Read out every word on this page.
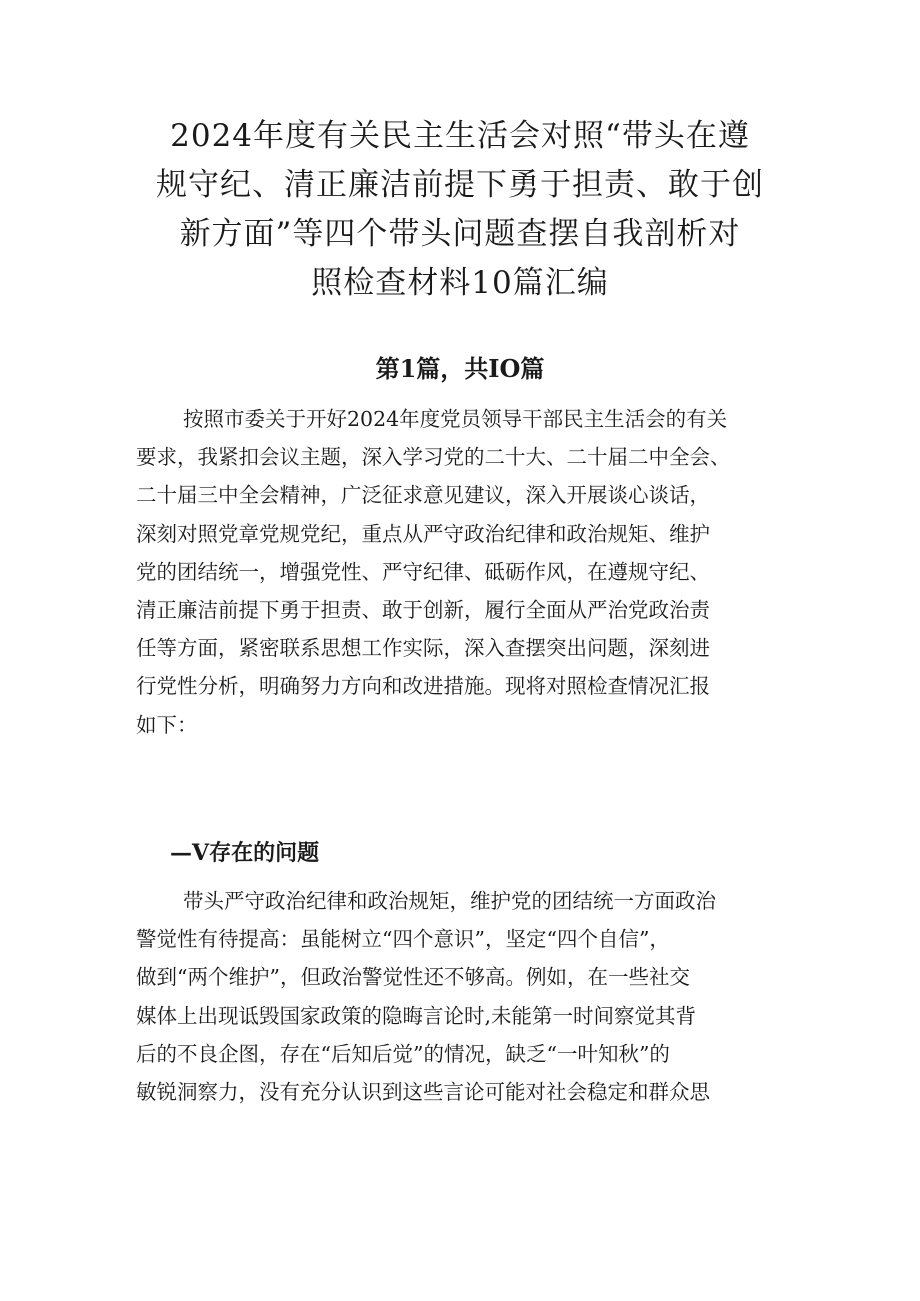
2024年度有关民主生活会对照“带头在遵
规守纪、清正廉洁前提下勇于担责、敢于创
新方面”等四个带头问题查摆自我剖析对
照检查材料10篇汇编
第1篇，共IO篇
按照市委关于开好2024年度党员领导干部民主生活会的有关
要求，我紧扣会议主题，深入学习党的二十大、二十届二中全会、
二十届三中全会精神，广泛征求意见建议，深入开展谈心谈话，
深刻对照党章党规党纪，重点从严守政治纪律和政治规矩、维护
党的团结统一，增强党性、严守纪律、砥砺作风，在遵规守纪、
清正廉洁前提下勇于担责、敢于创新，履行全面从严治党政治责
任等方面，紧密联系思想工作实际，深入查摆突出问题，深刻进
行党性分析，明确努力方向和改进措施。现将对照检查情况汇报
如下：
—V存在的问题
带头严守政治纪律和政治规矩，维护党的团结统一方面政治
警觉性有待提高：虽能树立“四个意识”，坚定“四个自信”，
做到“两个维护”，但政治警觉性还不够高。例如，在一些社交
媒体上出现诋毁国家政策的隐晦言论时,未能第一时间察觉其背
后的不良企图，存在“后知后觉”的情况，缺乏“一叶知秋”的
敏锐洞察力，没有充分认识到这些言论可能对社会稳定和群众思
